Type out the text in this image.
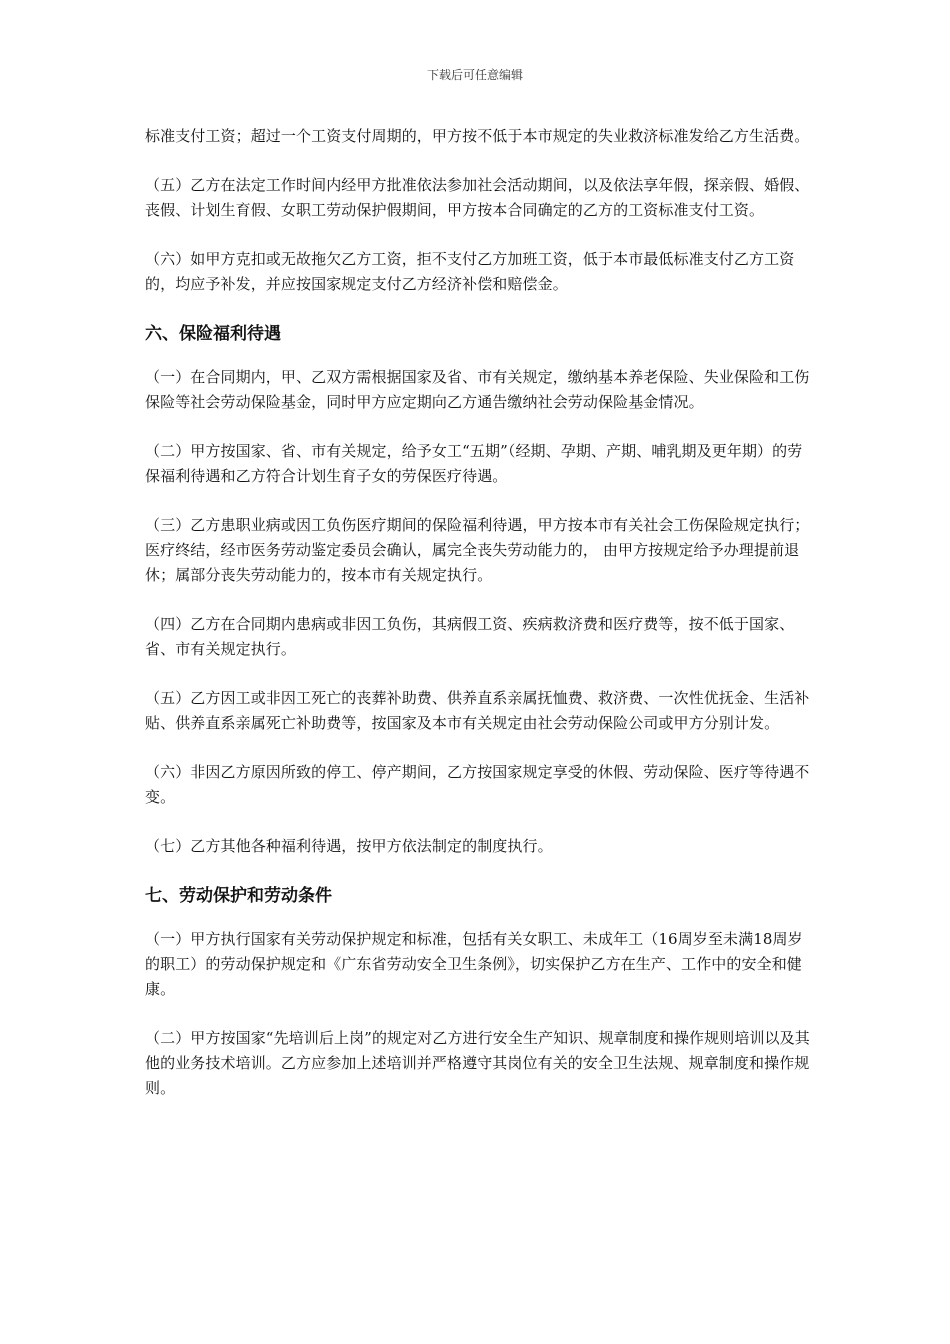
下载后可任意编辑

标准支付工资；超过一个工资支付周期的，甲方按不低于本市规定的失业救济标准发给乙方生活费。

（五）乙方在法定工作时间内经甲方批准依法参加社会活动期间，以及依法享年假，探亲假、婚假、丧假、计划生育假、女职工劳动保护假期间，甲方按本合同确定的乙方的工资标准支付工资。

（六）如甲方克扣或无故拖欠乙方工资，拒不支付乙方加班工资，低于本市最低标准支付乙方工资的，均应予补发，并应按国家规定支付乙方经济补偿和赔偿金。

六、保险福利待遇

（一）在合同期内，甲、乙双方需根据国家及省、市有关规定，缴纳基本养老保险、失业保险和工伤保险等社会劳动保险基金，同时甲方应定期向乙方通告缴纳社会劳动保险基金情况。

（二）甲方按国家、省、市有关规定，给予女工“五期”（经期、孕期、产期、哺乳期及更年期）的劳保福利待遇和乙方符合计划生育子女的劳保医疗待遇。

（三）乙方患职业病或因工负伤医疗期间的保险福利待遇，甲方按本市有关社会工伤保险规定执行；医疗终结，经市医务劳动鉴定委员会确认，属完全丧失劳动能力的， 由甲方按规定给予办理提前退休；属部分丧失劳动能力的，按本市有关规定执行。

（四）乙方在合同期内患病或非因工负伤，其病假工资、疾病救济费和医疗费等，按不低于国家、省、市有关规定执行。

（五）乙方因工或非因工死亡的丧葬补助费、供养直系亲属抚恤费、救济费、一次性优抚金、生活补贴、供养直系亲属死亡补助费等，按国家及本市有关规定由社会劳动保险公司或甲方分别计发。

（六）非因乙方原因所致的停工、停产期间，乙方按国家规定享受的休假、劳动保险、医疗等待遇不变。

（七）乙方其他各种福利待遇，按甲方依法制定的制度执行。

七、劳动保护和劳动条件

（一）甲方执行国家有关劳动保护规定和标准，包括有关女职工、未成年工（16周岁至未满18周岁的职工）的劳动保护规定和《广东省劳动安全卫生条例》，切实保护乙方在生产、工作中的安全和健康。

（二）甲方按国家“先培训后上岗”的规定对乙方进行安全生产知识、规章制度和操作规则培训以及其他的业务技术培训。乙方应参加上述培训并严格遵守其岗位有关的安全卫生法规、规章制度和操作规则。
